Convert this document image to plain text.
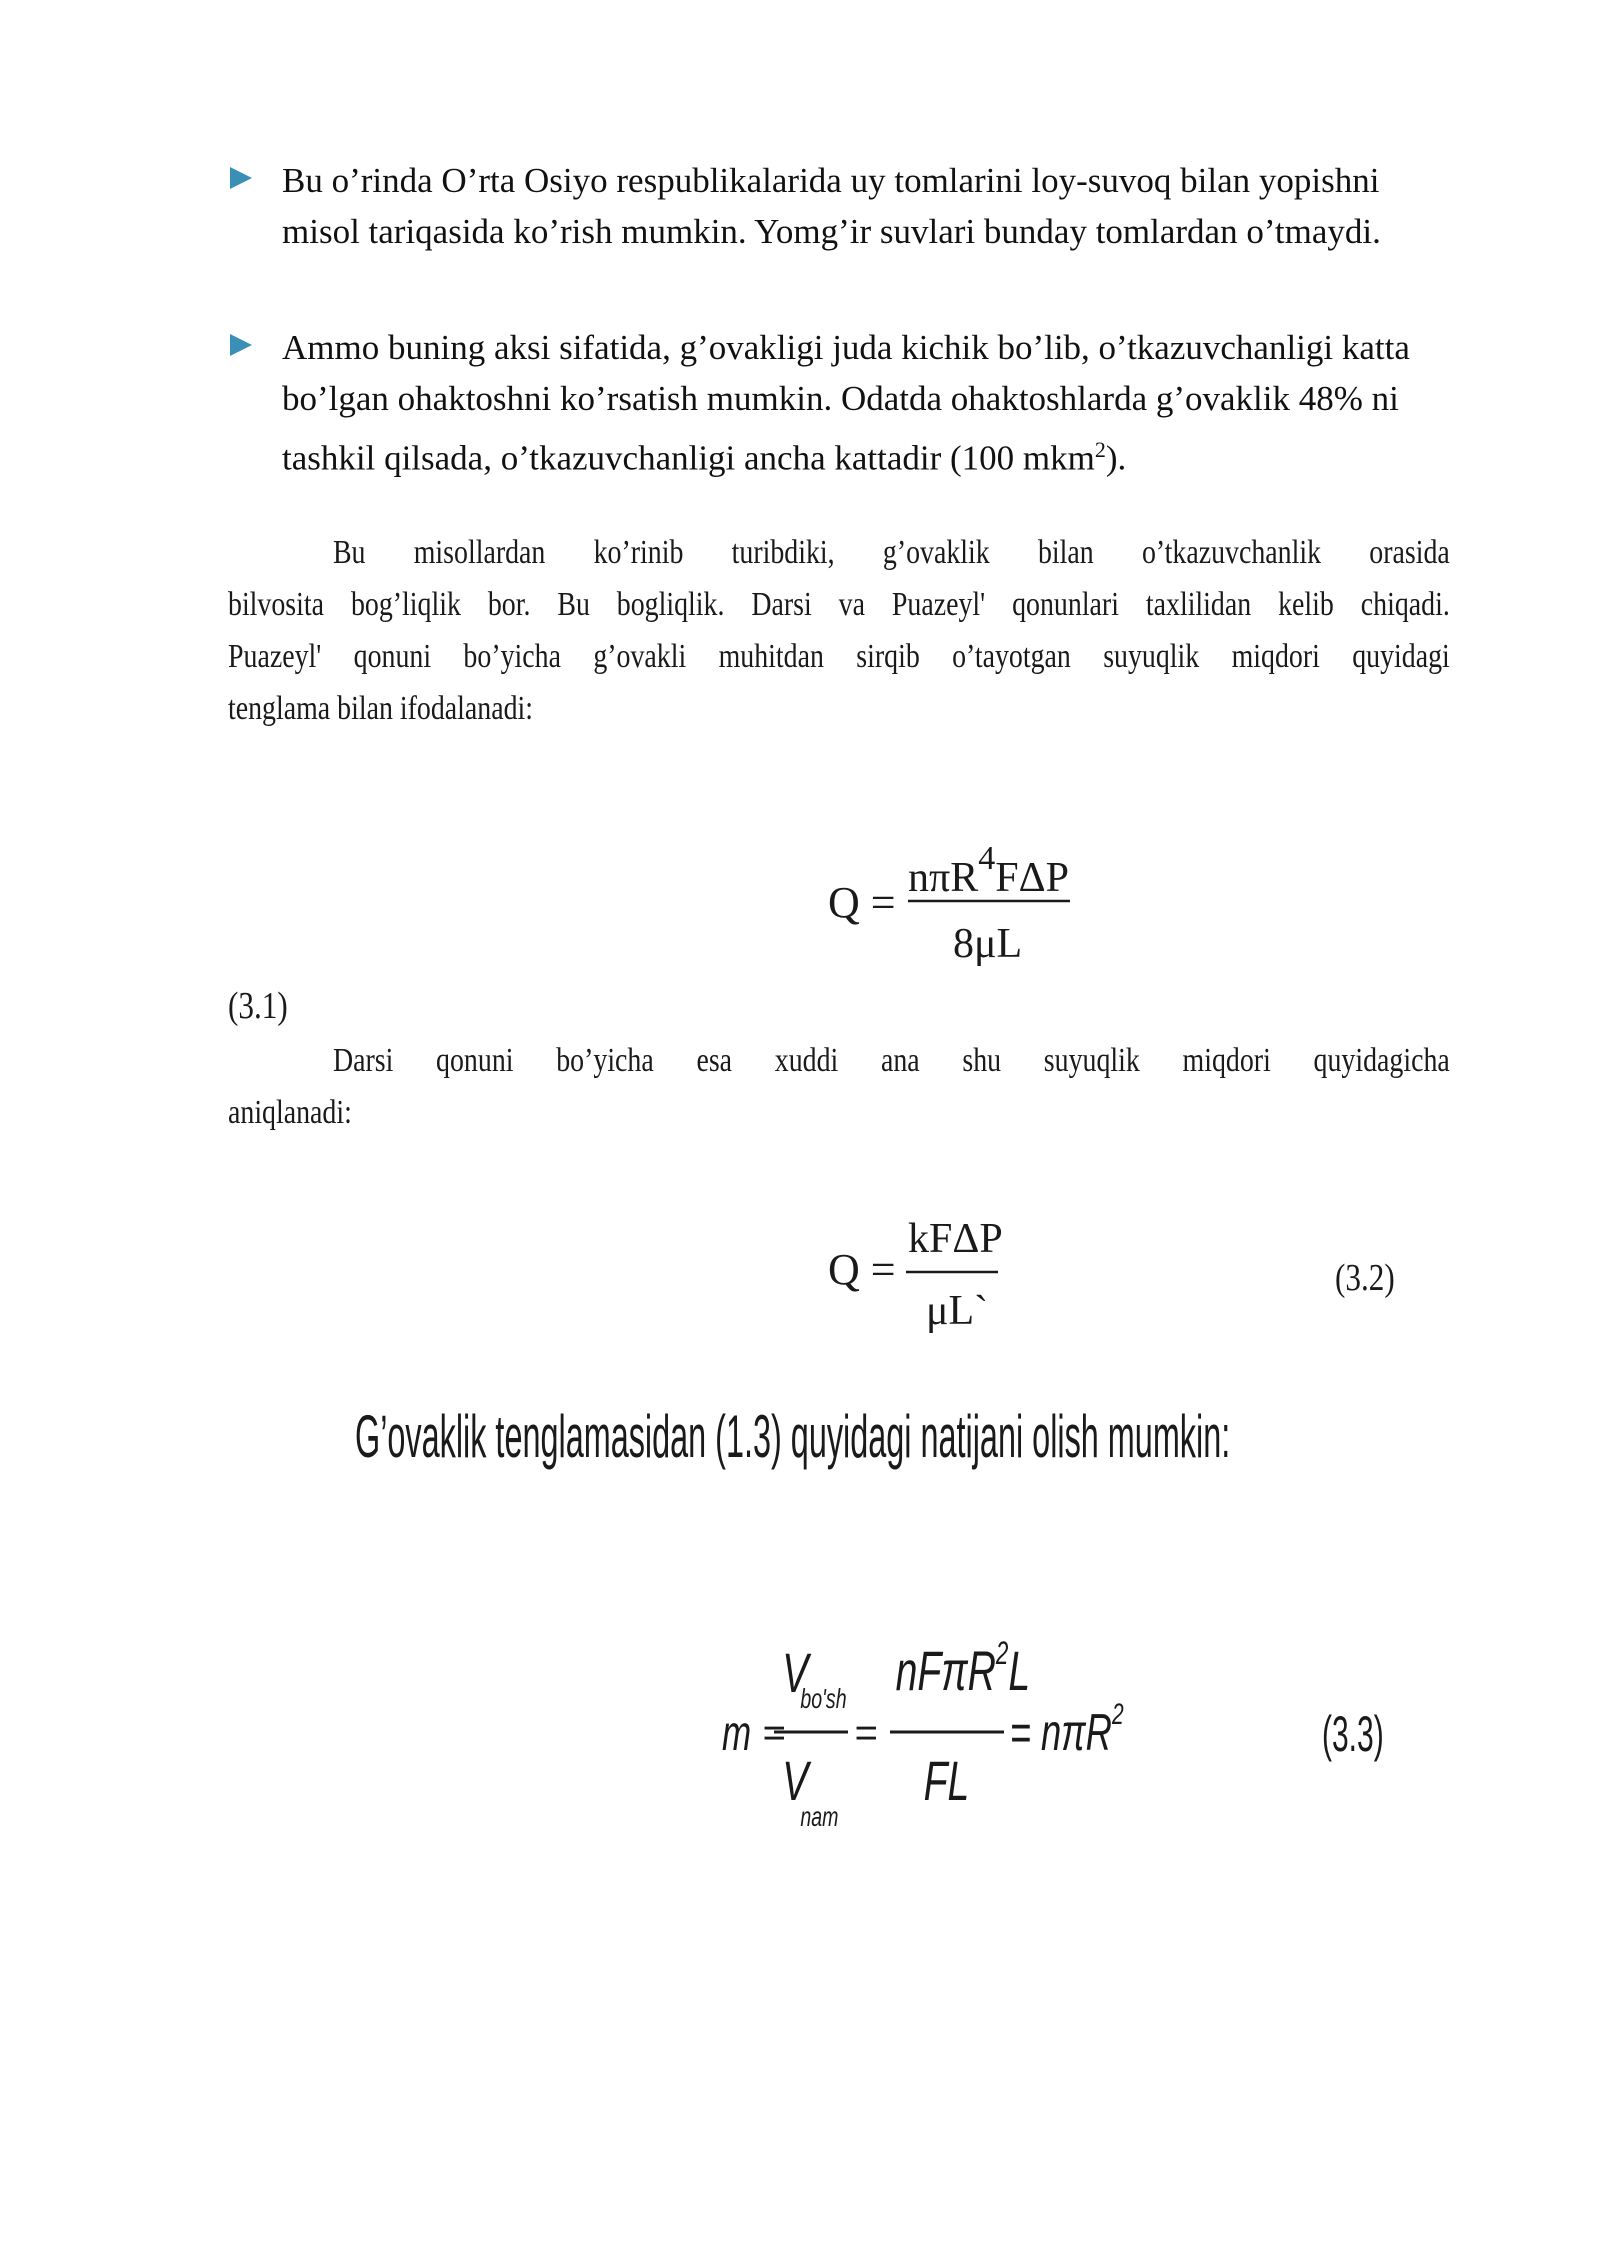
Bu o’rinda O’rta Osiyo respublikalarida uy tomlarini loy-suvoq bilan yopishni misol tariqasida ko’rish mumkin. Yomg’ir suvlari bunday tomlardan o’tmaydi.
Ammo buning aksi sifatida, g’ovakligi juda kichik bo’lib, o’tkazuvchanligi katta bo’lgan ohaktoshni ko’rsatish mumkin. Odatda ohaktoshlarda g’ovaklik 48% ni tashkil qilsada, o’tkazuvchanligi ancha kattadir (100 mkm$^2$).
Bu misollardan ko’rinib turibdiki, g’ovaklik bilan o’tkazuvchanlik orasida
bilvosita bog’liqlik bor. Bu bogliqlik. Darsi va Puazeyl' qonunlari taxlilidan kelib chiqadi.
Puazeyl' qonuni bo’yicha g’ovakli muhitdan sirqib o’tayotgan suyuqlik miqdori quyidagi
tenglama bilan ifodalanadi:
Q = nπR$^4$FΔP
8μL
(3.1)
Darsi qonuni bo’yicha esa xuddi ana shu suyuqlik miqdori quyidagicha
aniqlanadi:
Q =
kFΔP
μL`
(3.2)
G’ovaklik tenglamasidan (1.3) quyidagi natijani olish mumkin:
m =
V
bo'sh
V
nam
=
nFπR$^2$L
FL
= nπR$^2$	(3.3)
